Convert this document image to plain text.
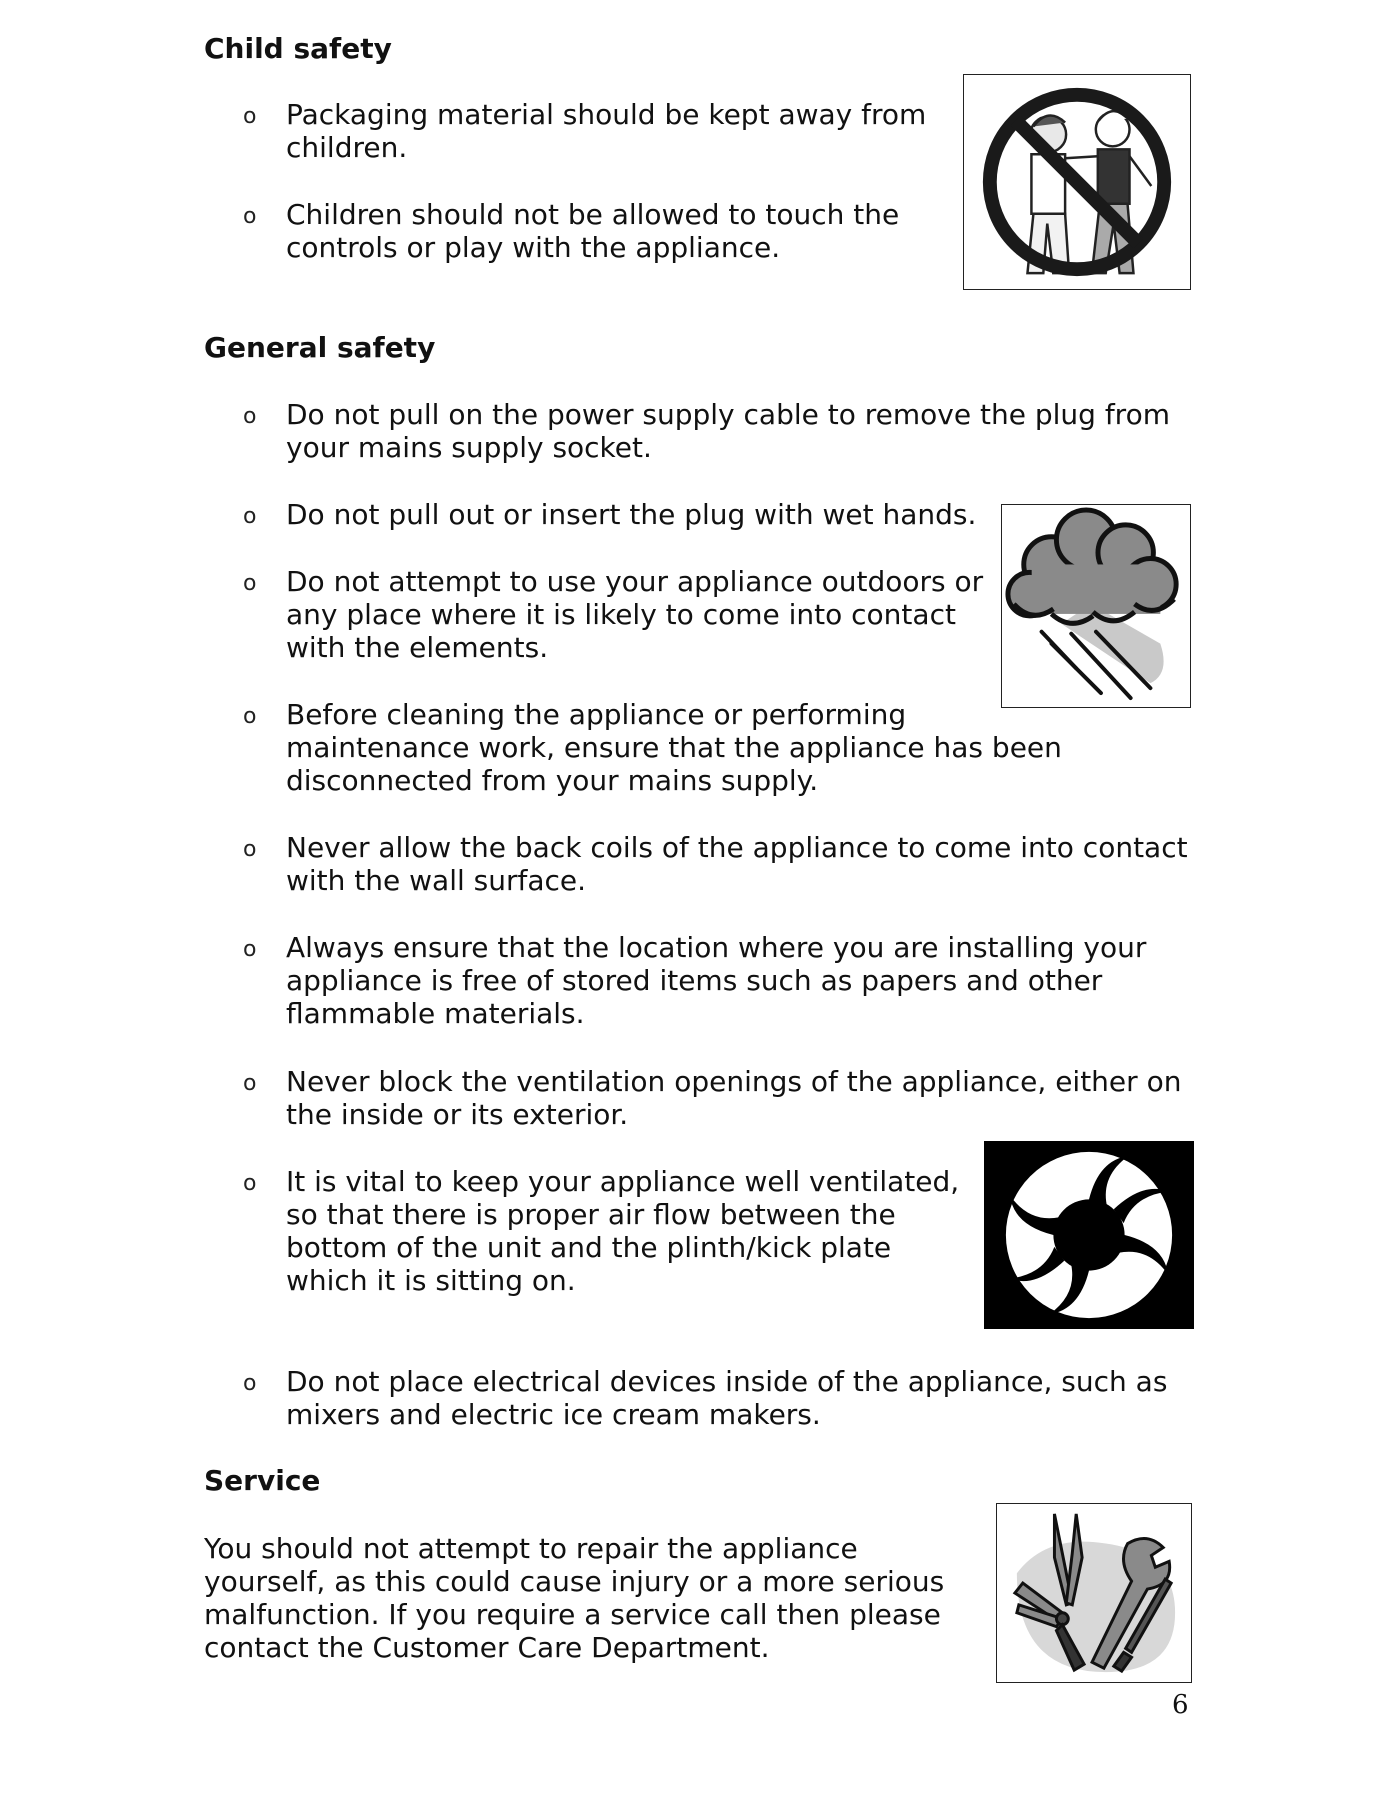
Child safety
o	Packaging material should be kept away from
children.
o	Children should not be allowed to touch the
controls or play with the appliance.
General safety
o	Do not pull on the power supply cable to remove the plug from
your mains supply socket.
o	Do not pull out or insert the plug with wet hands.
o	Do not attempt to use your appliance outdoors or
any place where it is likely to come into contact
with the elements.
o	Before cleaning the appliance or performing
maintenance work, ensure that the appliance has been
disconnected from your mains supply.
o	Never allow the back coils of the appliance to come into contact
with the wall surface.
o	Always ensure that the location where you are installing your
appliance is free of stored items such as papers and other
flammable materials.
o	Never block the ventilation openings of the appliance, either on
the inside or its exterior.
o	It is vital to keep your appliance well ventilated,
so that there is proper air flow between the
bottom of the unit and the plinth/kick plate
which it is sitting on.
o	Do not place electrical devices inside of the appliance, such as
mixers and electric ice cream makers.
Service
You should not attempt to repair the appliance
yourself, as this could cause injury or a more serious
malfunction. If you require a service call then please
contact the Customer Care Department.
6
